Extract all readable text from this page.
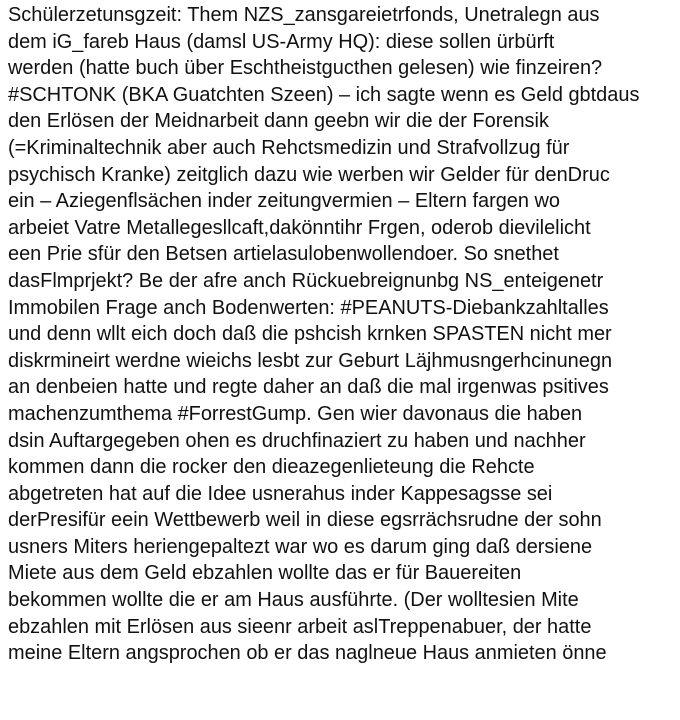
Schülerzetunsgzeit: Them NZS_zansgareietrfonds, Unetralegn aus
dem iG_fareb Haus (damsl US-Army HQ): diese sollen ürbürft
werden (hatte buch über Eschtheistgucthen gelesen) wie finzeiren?
#SCHTONK (BKA Guatchten Szeen) – ich sagte wenn es Geld gbtdaus
den Erlösen der Meidnarbeit dann geebn wir die der Forensik
(=Kriminaltechnik aber auch Rehctsmedizin und Strafvollzug für
psychisch Kranke) zeitglich dazu wie werben wir Gelder für denDruc
ein – Aziegenflsächen inder zeitungvermien – Eltern fargen wo
arbeiet Vatre Metallegesllcaft,dakönntihr Frgen, oderob dievilelicht
een Prie sfür den Betsen artielasulobenwollendoer. So snethet
dasFlmprjekt? Be der afre anch Rückuebreignunbg NS_enteigenetr
Immobilen Frage anch Bodenwerten: #PEANUTS-Diebankzahltalles
und denn wllt eich doch daß die pshcish krnken SPASTEN nicht mer
diskrmineirt werdne wieichs lesbt zur Geburt Läjhmusngerhcinunegn
an denbeien hatte und regte daher an daß die mal irgenwas psitives
machenzumthema #ForrestGump. Gen wier davonaus die haben
dsin Auftargegeben ohen es druchfinaziert zu haben und nachher
kommen dann die rocker den dieazegenlieteung die Rehcte
abgetreten hat auf die Idee usnerahus inder Kappesagsse sei
derPresifür eein Wettbewerb weil in diese egsrrächsrudne der sohn
usners Miters heriengepaltezt war wo es darum ging daß dersiene
Miete aus dem Geld ebzahlen wollte das er für Bauereiten
bekommen wollte die er am Haus ausführte. (Der wolltesien Mite
ebzahlen mit Erlösen aus sieenr arbeit aslTreppenabuer, der hatte
meine Eltern angsprochen ob er das naglneue Haus anmieten önne
